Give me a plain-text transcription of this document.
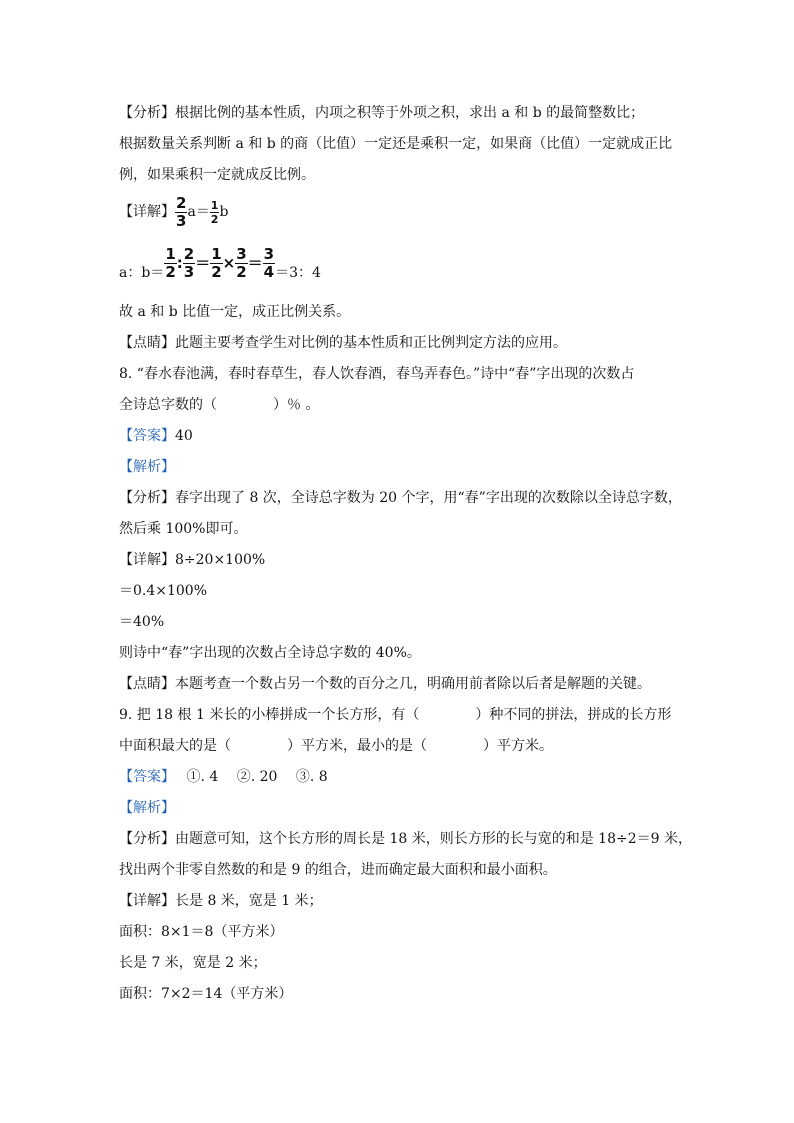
【分析】根据比例的基本性质，内项之积等于外项之积，求出 a 和 b 的最简整数比；
根据数量关系判断 a 和 b 的商（比值）一定还是乘积一定，如果商（比值）一定就成正比
例，如果乘积一定就成反比例。
【详解】 $\frac{2}{3} a= \frac{1}{2}$ b
a：$b= \frac{1}{2}$ : $\frac{2}{3} = \frac{1}{2} \times \frac{3}{2} = \frac{3}{4} =3$：4
故 a 和 b 比值一定，成正比例关系。
【点睛】此题主要考查学生对比例的基本性质和正比例判定方法的应用。
8. “春水春池满，春时春草生，春人饮春酒，春鸟弄春色。”诗中“春”字出现的次数占
全诗总字数的（　　　　）％ 。
【答案】40
【解析】
【分析】春字出现了 8 次，全诗总字数为 20 个字，用“春”字出现的次数除以全诗总字数，
然后乘 100%即可。
【详解】8÷20×100%
＝0.4×100%
＝40%
则诗中“春”字出现的次数占全诗总字数的 40%。
【点睛】本题考查一个数占另一个数的百分之几，明确用前者除以后者是解题的关键。
9. 把 18 根 1 米长的小棒拼成一个长方形，有（　　　　）种不同的拼法，拼成的长方形
中面积最大的是（　　　　）平方米，最小的是（　　　　）平方米。
【答案】　 ①. 4　 ②. 20　 ③. 8
【解析】
【分析】由题意可知，这个长方形的周长是 18 米，则长方形的长与宽的和是 18÷2＝9 米，
找出两个非零自然数的和是 9 的组合，进而确定最大面积和最小面积。
【详解】长是 8 米，宽是 1 米；
面积：8×1＝8（平方米）
长是 7 米，宽是 2 米；
面积：7×2＝14（平方米）
